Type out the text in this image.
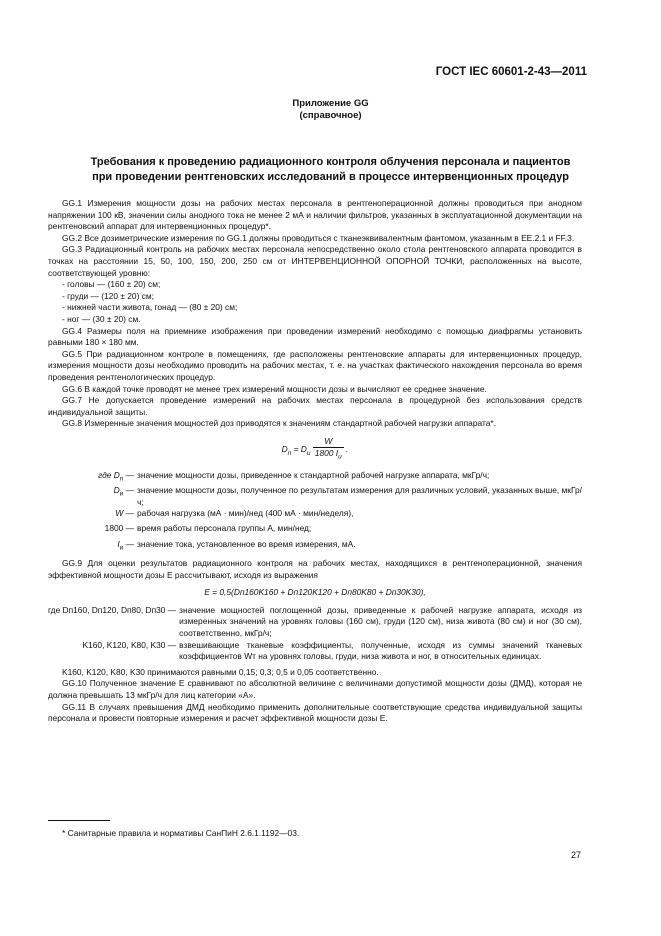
ГОСТ IEC 60601-2-43—2011
Приложение GG
(справочное)
Требования к проведению радиационного контроля облучения персонала и пациентов
при проведении рентгеновских исследований в процессе интервенционных процедур

GG.1 Измерения мощности дозы на рабочих местах персонала в рентгеноперационной должны проводиться при анодном напряжении 100 кВ, значении силы анодного тока не менее 2 мА и наличии фильтров, указанных в эксплуатационной документации на рентгеновский аппарат для интервенционных процедур*.

GG.2 Все дозиметрические измерения по GG.1 должны проводиться с тканеэквивалентным фантомом, указанным в EE.2.1 и FF.3.

GG.3 Радиационный контроль на рабочих местах персонала непосредственно около стола рентгеновского аппарата проводится в точках на расстоянии 15, 50, 100, 150, 200, 250 см от ИНТЕРВЕНЦИОННОЙ ОПОРНОЙ ТОЧКИ, расположенных на высоте, соответствующей уровню:

- головы — (160 ± 20) см;
- груди — (120 ± 20) см;
- нижней части живота, гонад — (80 ± 20) см;
- ног — (30 ± 20) см.

GG.4 Размеры поля на приемнике изображения при проведении измерений необходимо с помощью диафрагмы установить равными 180 × 180 мм.

GG.5 При радиационном контроле в помещениях, где расположены рентгеновские аппараты для интервенционных процедур, измерения мощности дозы необходимо проводить на рабочих местах, т. е. на участках фактического нахождения персонала во время проведения рентгенологических процедур.

GG.6 В каждой точке проводят не менее трех измерений мощности дозы и вычисляют ее среднее значение.

GG.7 Не допускается проведение измерений на рабочих местах персонала в процедурной без использования средств индивидуальной защиты.

GG.8 Измеренные значения мощностей доз приводятся к значениям стандартной рабочей нагрузки аппарата*.

$D_п = D_и \frac{W}{1800 I_и}$ .
где $D_п$ —	значение мощности дозы, приведенное к стандартной рабочей нагрузке аппарата, мкГр/ч;
$D_и$ —	значение мощности дозы, полученное по результатам измерения для различных условий, указанных выше, мкГр/ч;
W —	рабочая нагрузка (мА · мин)/нед (400 мА · мин/неделя),
1800 —	время работы персонала группы А, мин/нед;
$I_и$ —	значение тока, установленное во время измерения, мА.

GG.9 Для оценки результатов радиационного контроля на рабочих местах, находящихся в рентгеноперационной, значения эффективной мощности дозы E рассчитывают, исходя из выражения

E = 0,5(Dп160K160 + Dп120K120 + Dп80K80 + Dп30K30),
где Dп160, Dп120, Dп80, Dп30 —	значение мощностей поглощенной дозы, приведенные к рабочей нагрузке аппарата, исходя из измеренных значений на уровнях головы (160 см), груди (120 см), низа живота (80 см) и ног (30 см), соответственно, мкГр/ч;
K160, K120, K80, K30 —	взвешивающие тканевые коэффициенты, полученные, исходя из суммы значений тканевых коэффициентов Wт на уровнях головы, груди, низа живота и ног, в относительных единицах.

K160, K120, K80, K30 принимаются равными 0,15; 0,3; 0,5 и 0,05 соответственно.

GG.10 Полученное значение E сравнивают по абсолютной величине с величинами допустимой мощности дозы (ДМД), которая не должна превышать 13 мкГр/ч для лиц категории «А».

GG.11 В случаях превышения ДМД необходимо применить дополнительные соответствующие средства индивидуальной защиты персонала и провести повторные измерения и расчет эффективной мощности дозы E.

* Санитарные правила и нормативы СанПиН 2.6.1.1192—03.
27
